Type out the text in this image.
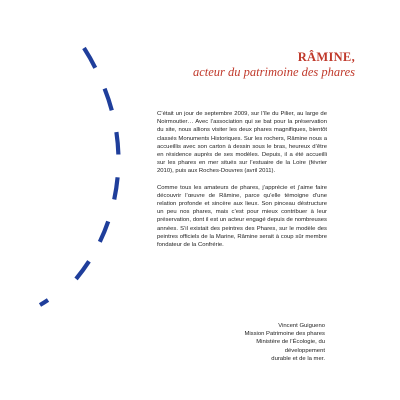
RÂMINE,
acteur du patrimoine des phares

C’était un jour de septembre 2009, sur l’île du Pilier, au large de Noirmoutier… Avec l’association qui se bat pour la préservation du site, nous allions visiter les deux phares magnifiques, bientôt classés Monuments Historiques. Sur les rochers, Râmine nous a accueillis avec son carton à dessin sous le bras, heureux d’être en résidence auprès de ses modèles. Depuis, il a été accueilli sur les phares en mer situés sur l’estuaire de la Loire (février 2010), puis aux Roches-Douvres (avril 2011).

Comme tous les amateurs de phares, j’apprécie et j’aime faire découvrir l’œuvre de Râmine, parce qu’elle témoigne d’une relation profonde et sincère aux lieux. Son pinceau déstructure un peu nos phares, mais c’est pour mieux contribuer à leur préservation, dont il est un acteur engagé depuis de nombreuses années. S’il existait des peintres des Phares, sur le modèle des peintres officiels de la Marine, Râmine serait à coup sûr membre fondateur de la Confrérie.

Vincent Guigueno
Mission Patrimoine des phares
Ministère de l’Écologie, du développement
durable et de la mer.
